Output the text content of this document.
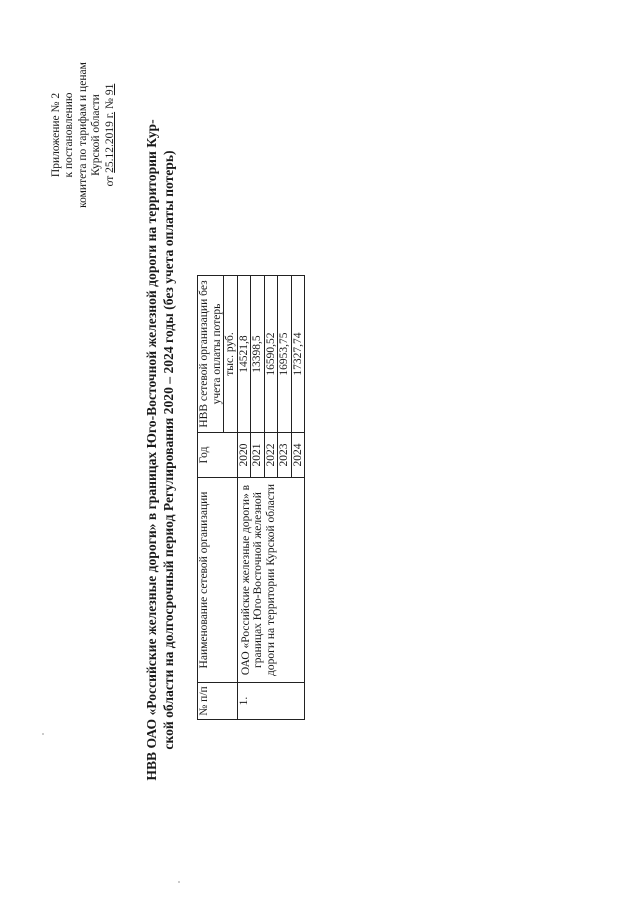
Приложение № 2 к постановлению комитета по тарифам и ценам Курской области
от 25.12.2019 г. № 91
НВВ ОАО «Российские железные дороги» в границах Юго-Восточной железной дороги на территории Кур- ской области на долгосрочный период Регулирования 2020 – 2024 годы (без учета оплаты потерь) № п/п	Наименование сетевой организации	Год	НВВ сетевой организации без учета оплаты потерь
			тыс. руб.
1.	ОАО «Российские железные дороги» в границах Юго-Восточной железной дороги на территории Курской области	2020	14521,8
		2021	13398,5
		2022	16590,52
		2023	16953,75
		2024	17327,74
